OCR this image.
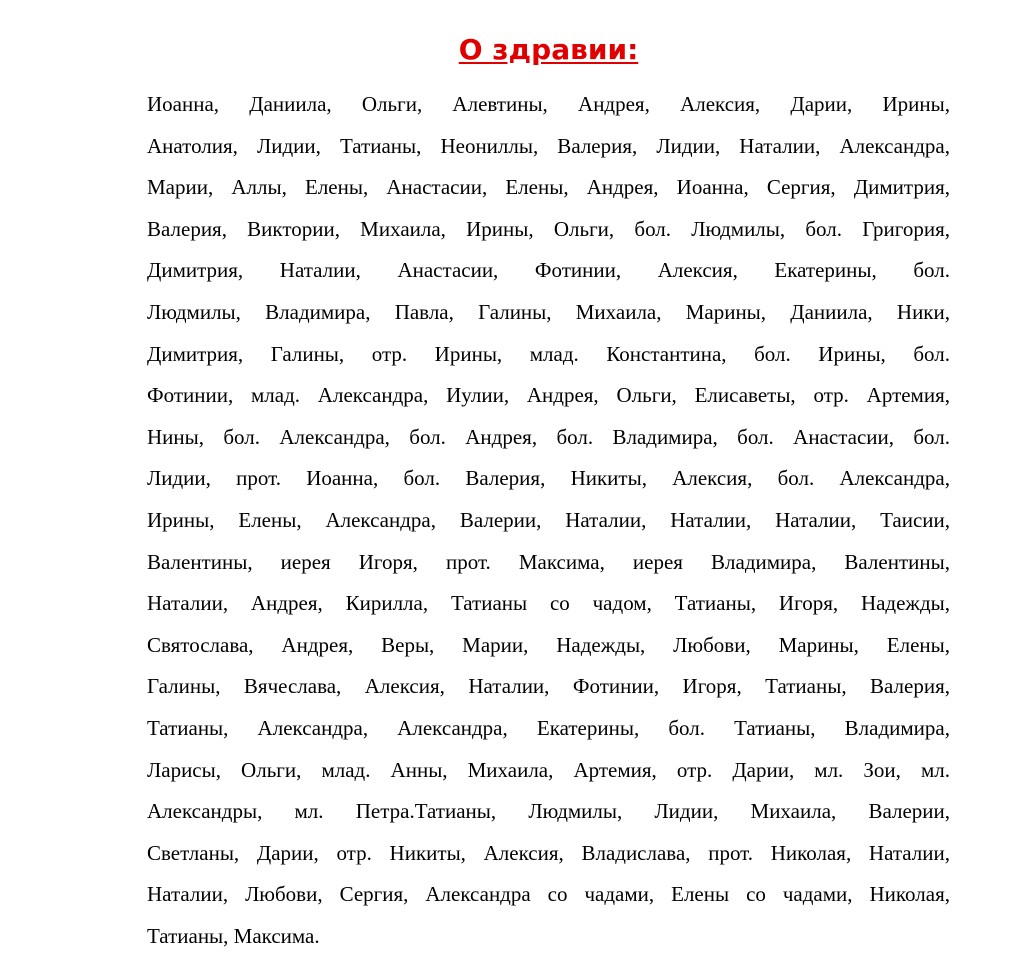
О здравии:
Иоанна, Даниила, Ольги, Алевтины, Андрея, Алексия, Дарии, Ирины,
Анатолия, Лидии, Татианы, Неониллы, Валерия, Лидии, Наталии, Александра,
Марии, Аллы, Елены, Анастасии, Елены, Андрея, Иоанна, Сергия, Димитрия,
Валерия, Виктории, Михаила, Ирины, Ольги, бол. Людмилы, бол. Григория,
Димитрия, Наталии, Анастасии, Фотинии, Алексия, Екатерины, бол.
Людмилы, Владимира, Павла, Галины, Михаила, Марины, Даниила, Ники,
Димитрия, Галины, отр. Ирины, млад. Константина, бол. Ирины, бол.
Фотинии, млад. Александра, Иулии, Андрея, Ольги, Елисаветы, отр. Артемия,
Нины, бол. Александра, бол. Андрея, бол. Владимира, бол. Анастасии, бол.
Лидии, прот. Иоанна, бол. Валерия, Никиты, Алексия, бол. Александра,
Ирины, Елены, Александра, Валерии, Наталии, Наталии, Наталии, Таисии,
Валентины, иерея Игоря, прот. Максима, иерея Владимира, Валентины,
Наталии, Андрея, Кирилла, Татианы со чадом, Татианы, Игоря, Надежды,
Святослава, Андрея, Веры, Марии, Надежды, Любови, Марины, Елены,
Галины, Вячеслава, Алексия, Наталии, Фотинии, Игоря, Татианы, Валерия,
Татианы, Александра, Александра, Екатерины, бол. Татианы, Владимира,
Ларисы, Ольги, млад. Анны, Михаила, Артемия, отр. Дарии, мл. Зои, мл.
Александры, мл. Петра.Татианы, Людмилы, Лидии, Михаила, Валерии,
Светланы, Дарии, отр. Никиты, Алексия, Владислава, прот. Николая, Наталии,
Наталии, Любови, Сергия, Александра со чадами, Елены со чадами, Николая,
Татианы, Максима.
